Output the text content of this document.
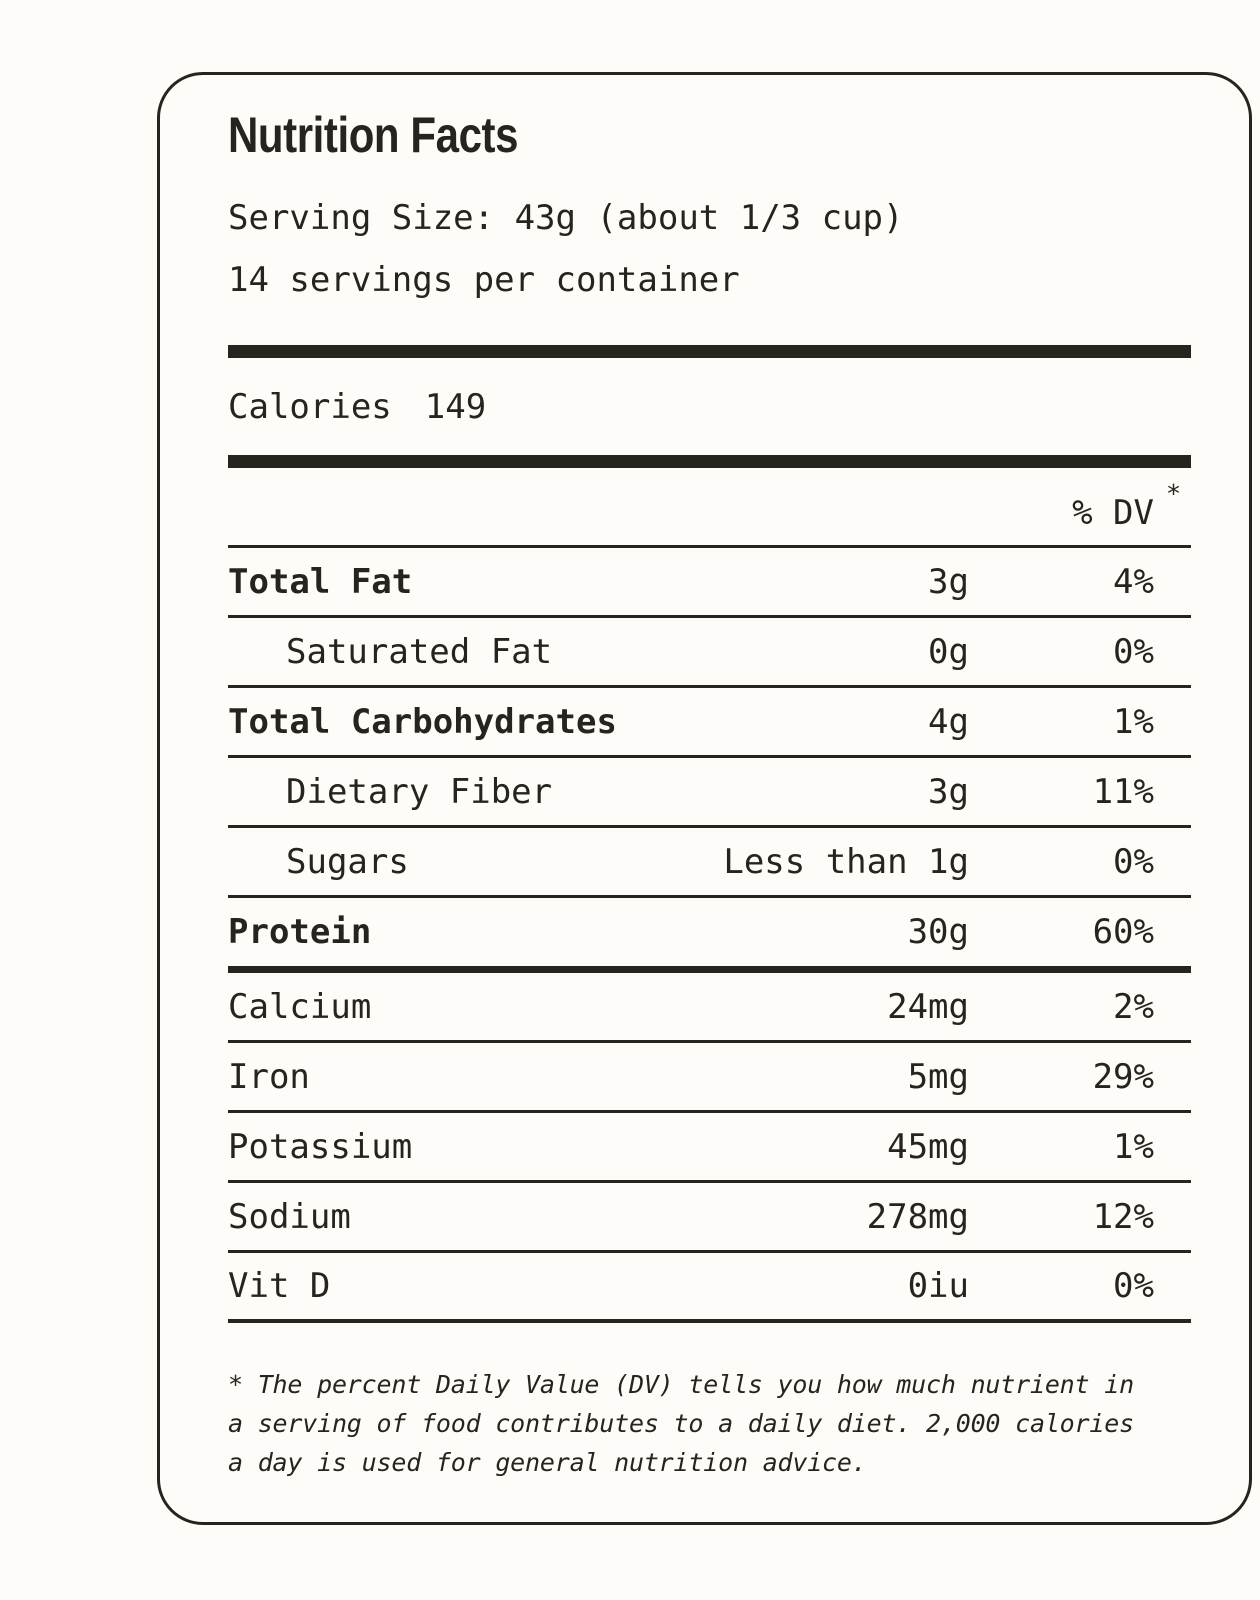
Nutrition Facts

Serving Size: 43g (about 1/3 cup)

14 servings per container

Calories 149
% DV *
Total Fat	3g	4%
Saturated Fat	0g	0%
Total Carbohydrates	4g	1%
Dietary Fiber	3g	11%
Sugars	Less than 1g	0%
Protein	30g	60%
Calcium	24mg	2%
Iron	5mg	29%
Potassium	45mg	1%
Sodium	278mg	12%
Vit D	0iu	0%
* The percent Daily Value (DV) tells you how much nutrient in
a serving of food contributes to a daily diet. 2,000 calories
a day is used for general nutrition advice.
